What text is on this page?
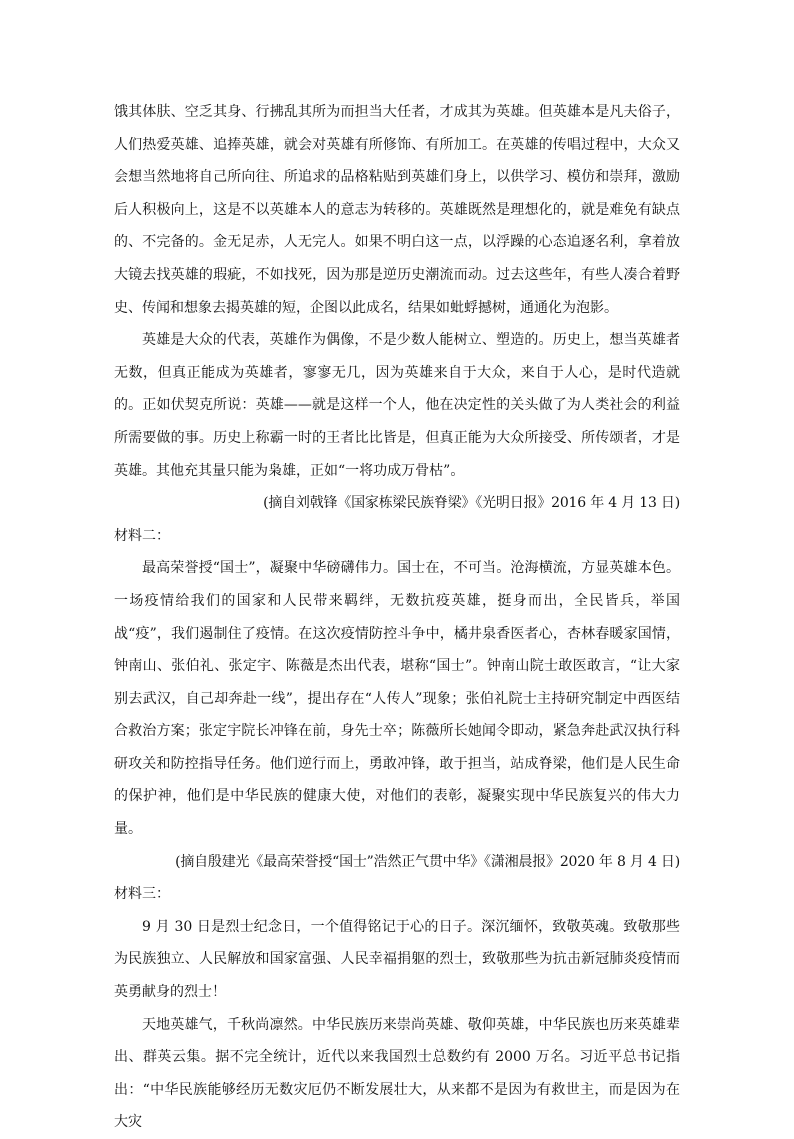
饿其体肤、空乏其身、行拂乱其所为而担当大任者，才成其为英雄。但英雄本是凡夫俗子，人们热爱英雄、追捧英雄，就会对英雄有所修饰、有所加工。在英雄的传唱过程中，大众又会想当然地将自己所向往、所追求的品格粘贴到英雄们身上，以供学习、模仿和崇拜，激励后人积极向上，这是不以英雄本人的意志为转移的。英雄既然是理想化的，就是难免有缺点的、不完备的。金无足赤，人无完人。如果不明白这一点，以浮躁的心态追逐名利，拿着放大镜去找英雄的瑕疵，不如找死，因为那是逆历史潮流而动。过去这些年，有些人凑合着野史、传闻和想象去揭英雄的短，企图以此成名，结果如蚍蜉撼树，通通化为泡影。

英雄是大众的代表，英雄作为偶像，不是少数人能树立、塑造的。历史上，想当英雄者无数，但真正能成为英雄者，寥寥无几，因为英雄来自于大众，来自于人心，是时代造就的。正如伏契克所说：英雄——就是这样一个人，他在决定性的关头做了为人类社会的利益所需要做的事。历史上称霸一时的王者比比皆是，但真正能为大众所接受、所传颂者，才是英雄。其他充其量只能为枭雄，正如“一将功成万骨枯”。

(摘自刘戟锋《国家栋梁民族脊梁》《光明日报》2016 年 4 月 13 日)

材料二：

最高荣誉授“国士”，凝聚中华磅礴伟力。国士在，不可当。沧海横流，方显英雄本色。一场疫情给我们的国家和人民带来羁绊，无数抗疫英雄，挺身而出，全民皆兵，举国战“疫”，我们遏制住了疫情。在这次疫情防控斗争中，橘井泉香医者心，杏林春暖家国情，钟南山、张伯礼、张定宇、陈薇是杰出代表，堪称“国士”。钟南山院士敢医敢言，“让大家别去武汉，自己却奔赴一线”，提出存在“人传人”现象；张伯礼院士主持研究制定中西医结合救治方案；张定宇院长冲锋在前，身先士卒；陈薇所长她闻令即动，紧急奔赴武汉执行科研攻关和防控指导任务。他们逆行而上，勇敢冲锋，敢于担当，站成脊梁，他们是人民生命的保护神，他们是中华民族的健康大使，对他们的表彰，凝聚实现中华民族复兴的伟大力量。

(摘自殷建光《最高荣誉授“国士”浩然正气贯中华》《潇湘晨报》2020 年 8 月 4 日)

材料三：

9 月 30 日是烈士纪念日，一个值得铭记于心的日子。深沉缅怀，致敬英魂。致敬那些为民族独立、人民解放和国家富强、人民幸福捐躯的烈士，致敬那些为抗击新冠肺炎疫情而英勇献身的烈士！

天地英雄气，千秋尚凛然。中华民族历来崇尚英雄、敬仰英雄，中华民族也历来英雄辈出、群英云集。据不完全统计，近代以来我国烈士总数约有 2000 万名。习近平总书记指出：“中华民族能够经历无数灾厄仍不断发展壮大，从来都不是因为有救世主，而是因为在大灾
